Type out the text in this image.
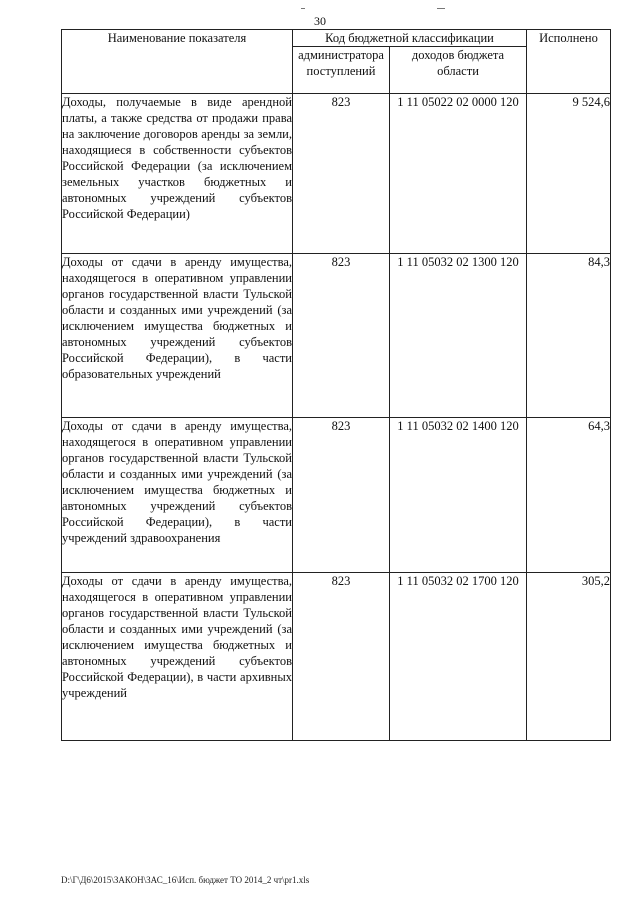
30
Наименование показателя	Код бюджетной классификации		Исполнено
	администратора поступлений	доходов бюджета области	
Доходы, получаемые в виде арендной платы, а также средства от продажи права на заключение договоров аренды за земли, находящиеся в собственности субъектов Российской Федерации (за исключением земельных участков бюджетных и автономных учреждений субъектов Российской Федерации)	823	1 11 05022 02 0000 120	9 524,6
Доходы от сдачи в аренду имущества, находящегося в оперативном управлении органов государственной власти Тульской области и созданных ими учреждений (за исключением имущества бюджетных и автономных учреждений субъектов Российской Федерации), в части образовательных учреждений	823	1 11 05032 02 1300 120	84,3
Доходы от сдачи в аренду имущества, находящегося в оперативном управлении органов государственной власти Тульской области и созданных ими учреждений (за исключением имущества бюджетных и автономных учреждений субъектов Российской Федерации), в части учреждений здравоохранения	823	1 11 05032 02 1400 120	64,3
Доходы от сдачи в аренду имущества, находящегося в оперативном управлении органов государственной власти Тульской области и созданных ими учреждений (за исключением имущества бюджетных и автономных учреждений субъектов Российской Федерации), в части архивных учреждений	823	1 11 05032 02 1700 120	305,2
D:\Г\Д6\2015\ЗАКОН\ЗАС_16\Исп. бюджет ТО 2014_2 чт\pr1.xls
